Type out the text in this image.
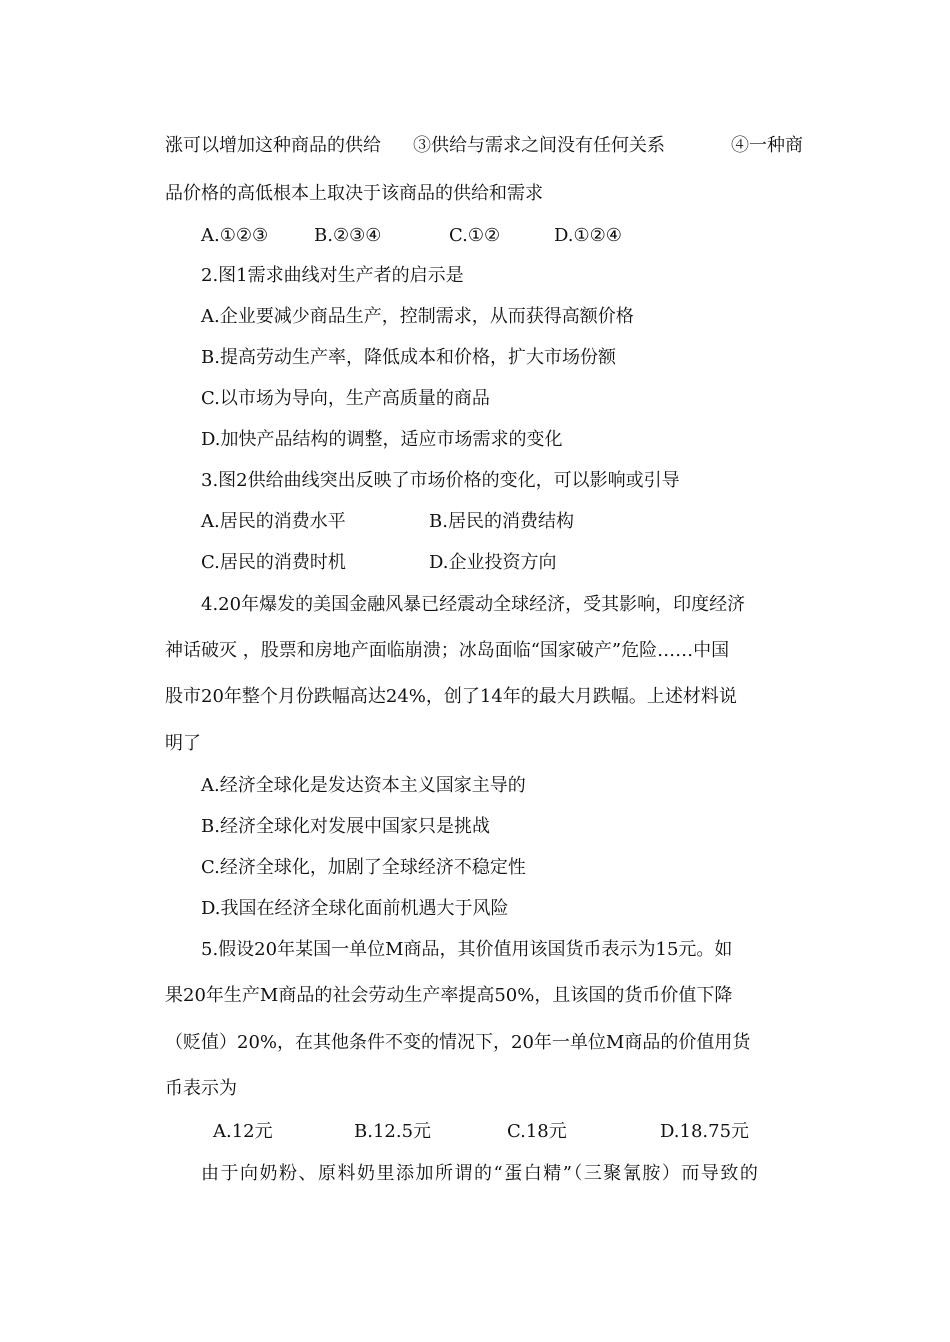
涨可以增加这种商品的供给 ③供给与需求之间没有任何关系	④一种商
品价格的高低根本上取决于该商品的供给和需求
A.①②③	B.②③④	C.①②	D.①②④
2.图1需求曲线对生产者的启示是
A.企业要减少商品生产，控制需求，从而获得高额价格
B.提高劳动生产率，降低成本和价格，扩大市场份额
C.以市场为导向，生产高质量的商品
D.加快产品结构的调整，适应市场需求的变化
3.图2供给曲线突出反映了市场价格的变化，可以影响或引导
A.居民的消费水平	B.居民的消费结构
C.居民的消费时机	D.企业投资方向
4.20年爆发的美国金融风暴已经震动全球经济，受其影响，印度经济
神话破灭 ，股票和房地产面临崩溃；冰岛面临“国家破产”危险……中国
股市20年整个月份跌幅高达24%，创了14年的最大月跌幅。上述材料说
明了
A.经济全球化是发达资本主义国家主导的
B.经济全球化对发展中国家只是挑战
C.经济全球化，加剧了全球经济不稳定性
D.我国在经济全球化面前机遇大于风险
5.假设20年某国一单位M商品，其价值用该国货币表示为15元。如
果20年生产M商品的社会劳动生产率提高50%，且该国的货币价值下降
（贬值）20%，在其他条件不变的情况下，20年一单位M商品的价值用货
币表示为
A.12元	B.12.5元	C.18元	D.18.75元
由于向奶粉、原料奶里添加所谓的“蛋白精”（三聚氰胺）而导致的
